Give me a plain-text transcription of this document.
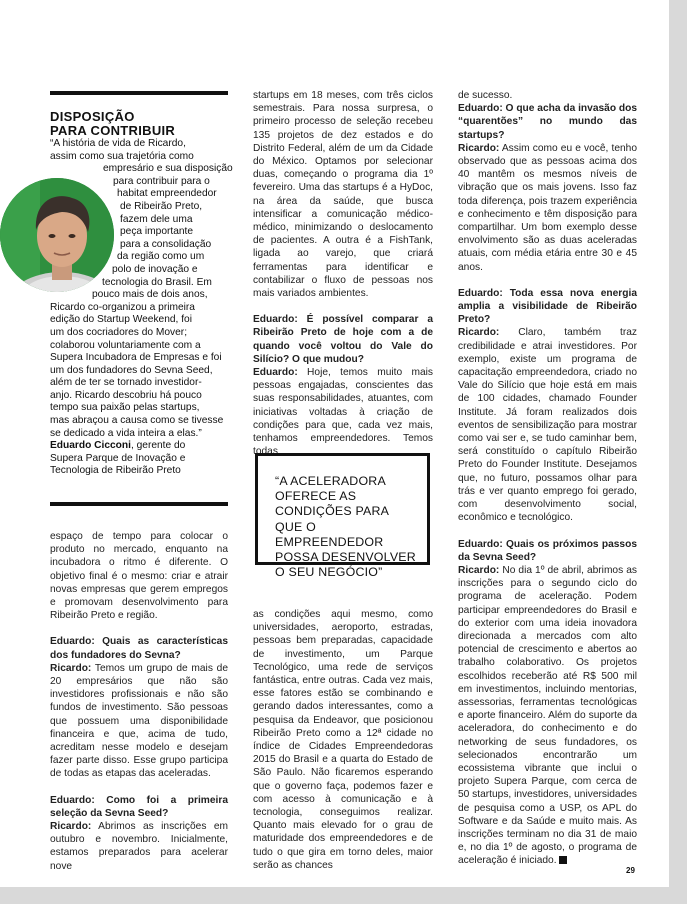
DISPOSIÇÃO
PARA CONTRIBUIR
“A história de vida de Ricardo,
assim como sua trajetória como
empresário e sua disposição
para contribuir para o
habitat empreendedor
de Ribeirão Preto,
fazem dele uma
peça importante
para a consolidação
da região como um
polo de inovação e
tecnologia do Brasil. Em
pouco mais de dois anos,
Ricardo co-organizou a primeira
edição do Startup Weekend, foi
um dos cocriadores do Mover;
colaborou voluntariamente com a
Supera Incubadora de Empresas e foi
um dos fundadores do Sevna Seed,
além de ter se tornado investidor-
anjo. Ricardo descobriu há pouco
tempo sua paixão pelas startups,
mas abraçou a causa como se tivesse
se dedicado a vida inteira a elas.”
Eduardo Cicconi, gerente do
Supera Parque de Inovação e
Tecnologia de Ribeirão Preto

espaço de tempo para colocar o produto no mercado, enquanto na incubadora o ritmo é diferente. O objetivo final é o mesmo: criar e atrair novas empresas que gerem empregos e promovam desenvolvimento para Ribeirão Preto e região.

Eduardo: Quais as características dos fundadores do Sevna?

Ricardo: Temos um grupo de mais de 20 empresários que não são investidores profissionais e não são fundos de investimento. São pessoas que possuem uma disponibilidade financeira e que, acima de tudo, acreditam nesse modelo e desejam fazer parte disso. Esse grupo participa de todas as etapas das aceleradas.

Eduardo: Como foi a primeira seleção da Sevna Seed?

Ricardo: Abrimos as inscrições em outubro e novembro. Inicialmente, estamos preparados para acelerar nove

startups em 18 meses, com três ciclos semestrais. Para nossa surpresa, o primeiro processo de seleção recebeu 135 projetos de dez estados e do Distrito Federal, além de um da Cidade do México. Optamos por selecionar duas, começando o programa dia 1º fevereiro. Uma das startups é a HyDoc, na área da saúde, que busca intensificar a comunicação médico-médico, minimizando o deslocamento de pacientes. A outra é a FishTank, ligada ao varejo, que criará ferramentas para identificar e contabilizar o fluxo de pessoas nos mais variados ambientes.

Eduardo: É possível comparar a Ribeirão Preto de hoje com a de quando você voltou do Vale do Silício? O que mudou?

Eduardo: Hoje, temos muito mais pessoas engajadas, conscientes das suas responsabilidades, atuantes, com iniciativas voltadas à criação de condições para que, cada vez mais, tenhamos empreendedores. Temos todas

“A ACELERADORA OFERECE AS CONDIÇÕES PARA QUE O EMPREENDEDOR POSSA DESENVOLVER O SEU NEGÓCIO”

as condições aqui mesmo, como universidades, aeroporto, estradas, pessoas bem preparadas, capacidade de investimento, um Parque Tecnológico, uma rede de serviços fantástica, entre outras. Cada vez mais, esse fatores estão se combinando e gerando dados interessantes, como a pesquisa da Endeavor, que posicionou Ribeirão Preto como a 12ª cidade no índice de Cidades Empreendedoras 2015 do Brasil e a quarta do Estado de São Paulo. Não ficaremos esperando que o governo faça, podemos fazer e com acesso à comunicação e à tecnologia, conseguimos realizar. Quanto mais elevado for o grau de maturidade dos empreendedores e de tudo o que gira em torno deles, maior serão as chances

de sucesso.

Eduardo: O que acha da invasão dos “quarentões” no mundo das startups?

Ricardo: Assim como eu e você, tenho observado que as pessoas acima dos 40 mantêm os mesmos níveis de vibração que os mais jovens. Isso faz toda diferença, pois trazem experiência e conhecimento e têm disposição para compartilhar. Um bom exemplo desse envolvimento são as duas aceleradas atuais, com média etária entre 30 e 45 anos.

Eduardo: Toda essa nova energia amplia a visibilidade de Ribeirão Preto?

Ricardo: Claro, também traz credibilidade e atrai investidores. Por exemplo, existe um programa de capacitação empreendedora, criado no Vale do Silício que hoje está em mais de 100 cidades, chamado Founder Institute. Já foram realizados dois eventos de sensibilização para mostrar como vai ser e, se tudo caminhar bem, será constituído o capítulo Ribeirão Preto do Founder Institute. Desejamos que, no futuro, possamos olhar para trás e ver quanto emprego foi gerado, com desenvolvimento social, econômico e tecnológico.

Eduardo: Quais os próximos passos da Sevna Seed?

Ricardo: No dia 1º de abril, abrimos as inscrições para o segundo ciclo do programa de aceleração. Podem participar empreendedores do Brasil e do exterior com uma ideia inovadora direcionada a mercados com alto potencial de crescimento e abertos ao trabalho colaborativo. Os projetos escolhidos receberão até R$ 500 mil em investimentos, incluindo mentorias, assessorias, ferramentas tecnológicas e aporte financeiro. Além do suporte da aceleradora, do conhecimento e do networking de seus fundadores, os selecionados encontrarão um ecossistema vibrante que inclui o projeto Supera Parque, com cerca de 50 startups, investidores, universidades de pesquisa como a USP, os APL do Software e da Saúde e muito mais. As inscrições terminam no dia 31 de maio e, no dia 1º de agosto, o programa de aceleração é iniciado.

29
